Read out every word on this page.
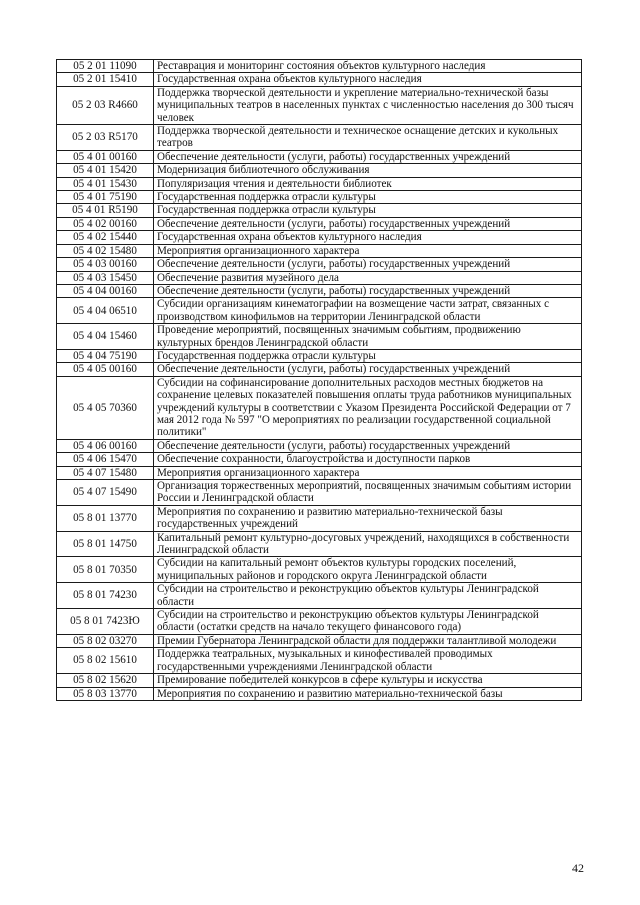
05 2 01 11090	Реставрация и мониторинг состояния объектов культурного наследия
05 2 01 15410	Государственная охрана объектов культурного наследия
05 2 03 R4660	Поддержка творческой деятельности и укрепление материально-технической базы муниципальных театров в населенных пунктах с численностью населения до 300 тысяч человек
05 2 03 R5170	Поддержка творческой деятельности и техническое оснащение детских и кукольных театров
05 4 01 00160	Обеспечение деятельности (услуги, работы) государственных учреждений
05 4 01 15420	Модернизация библиотечного обслуживания
05 4 01 15430	Популяризация чтения и деятельности библиотек
05 4 01 75190	Государственная поддержка отрасли культуры
05 4 01 R5190	Государственная поддержка отрасли культуры
05 4 02 00160	Обеспечение деятельности (услуги, работы) государственных учреждений
05 4 02 15440	Государственная охрана объектов культурного наследия
05 4 02 15480	Мероприятия организационного характера
05 4 03 00160	Обеспечение деятельности (услуги, работы) государственных учреждений
05 4 03 15450	Обеспечение развития музейного дела
05 4 04 00160	Обеспечение деятельности (услуги, работы) государственных учреждений
05 4 04 06510	Субсидии организациям кинематографии на возмещение части затрат, связанных с производством кинофильмов на территории Ленинградской области
05 4 04 15460	Проведение мероприятий, посвященных значимым событиям, продвижению культурных брендов Ленинградской области
05 4 04 75190	Государственная поддержка отрасли культуры
05 4 05 00160	Обеспечение деятельности (услуги, работы) государственных учреждений
05 4 05 70360	Субсидии на софинансирование дополнительных расходов местных бюджетов на сохранение целевых показателей повышения оплаты труда работников муниципальных учреждений культуры в соответствии с Указом Президента Российской Федерации от 7 мая 2012 года № 597 "О мероприятиях по реализации государственной социальной политики"
05 4 06 00160	Обеспечение деятельности (услуги, работы) государственных учреждений
05 4 06 15470	Обеспечение сохранности, благоустройства и доступности парков
05 4 07 15480	Мероприятия организационного характера
05 4 07 15490	Организация торжественных мероприятий, посвященных значимым событиям истории России и Ленинградской области
05 8 01 13770	Мероприятия по сохранению и развитию материально-технической базы государственных учреждений
05 8 01 14750	Капитальный ремонт культурно-досуговых учреждений, находящихся в собственности Ленинградской области
05 8 01 70350	Субсидии на капитальный ремонт объектов культуры городских поселений, муниципальных районов и городского округа Ленинградской области
05 8 01 74230	Субсидии на строительство и реконструкцию объектов культуры Ленинградской области
05 8 01 7423Ю	Субсидии на строительство и реконструкцию объектов культуры Ленинградской области (остатки средств на начало текущего финансового года)
05 8 02 03270	Премии Губернатора Ленинградской области для поддержки талантливой молодежи
05 8 02 15610	Поддержка театральных, музыкальных и кинофестивалей проводимых государственными учреждениями Ленинградской области
05 8 02 15620	Премирование победителей конкурсов в сфере культуры и искусства
05 8 03 13770	Мероприятия по сохранению и развитию материально-технической базы
42
